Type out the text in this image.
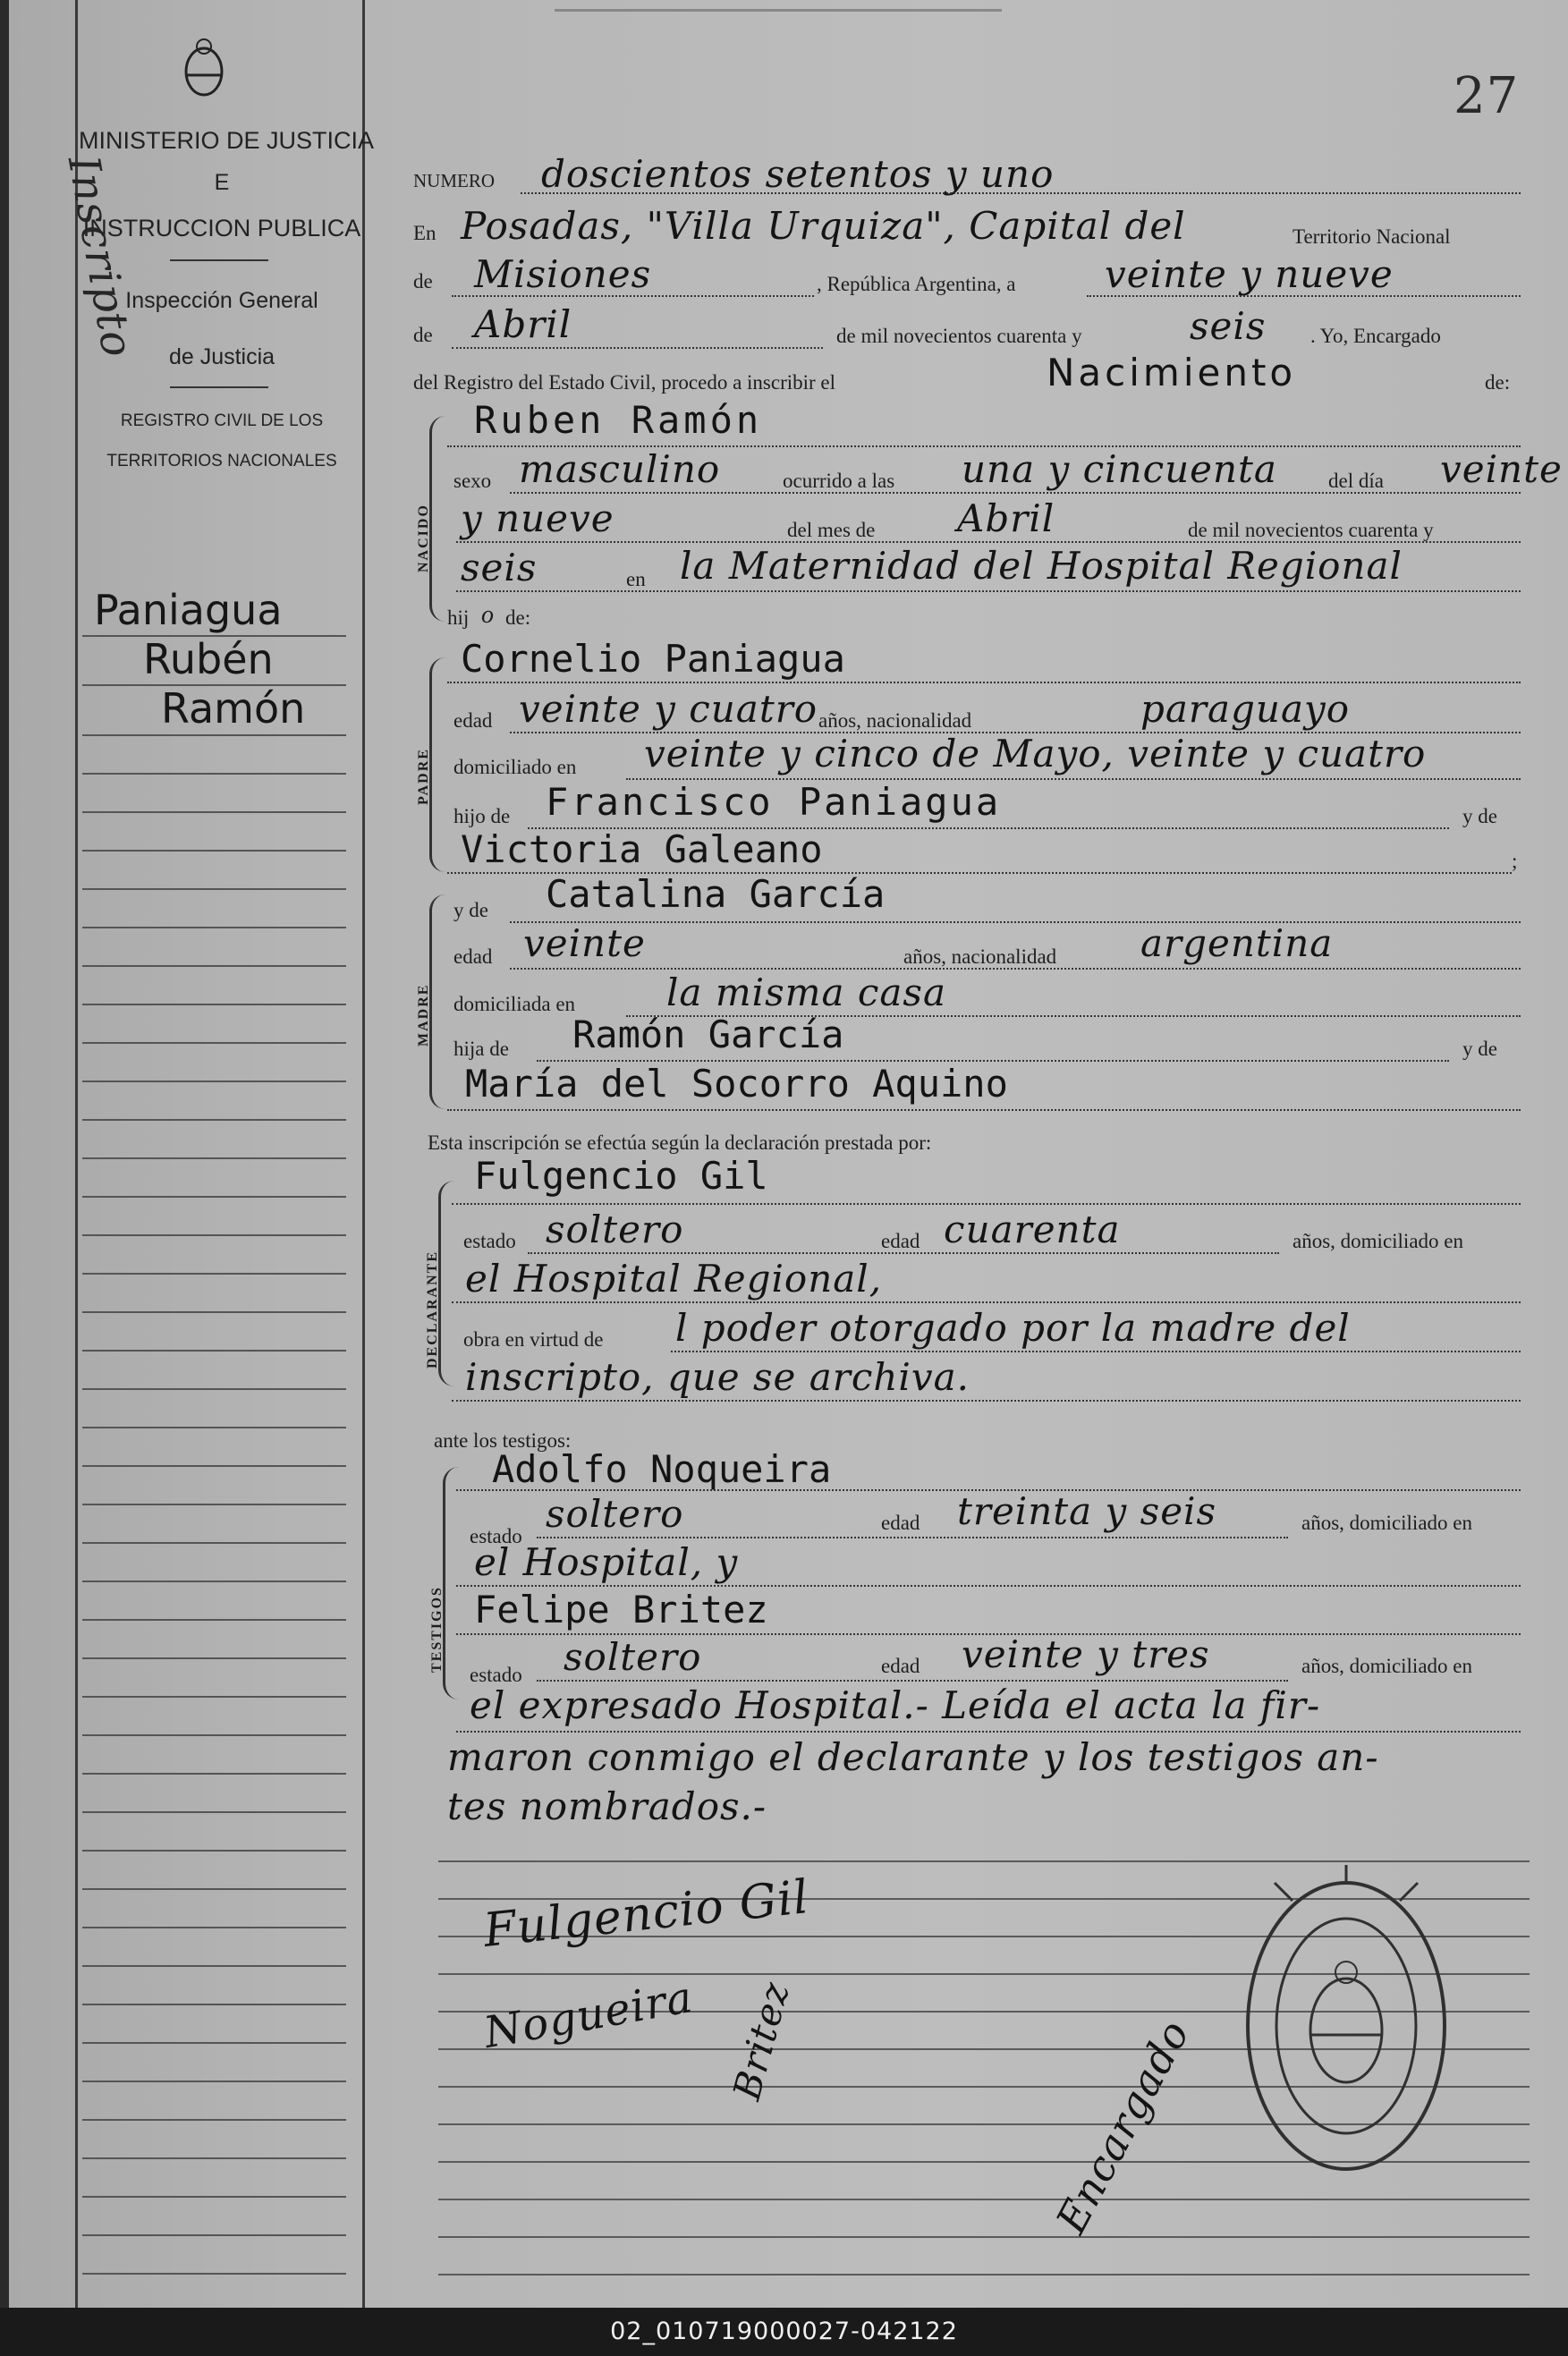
27
MINISTERIO DE JUSTICIA
E
INSTRUCCION PUBLICA
Inspección General
de Justicia
REGISTRO CIVIL DE LOS
TERRITORIOS NACIONALES
Inscripto
Paniagua
Rubén
Ramón
NUMERO doscientos setentos y uno
En Posadas, "Villa Urquiza", Capital del	Territorio Nacional
de Misiones	, República Argentina, a veinte y nueve
de Abril	de mil novecientos cuarenta y	seis . Yo, Encargado
del Registro del Estado Civil, procedo a inscribir el	Nacimiento	de:
Ruben Ramón
NACIDO
sexo masculino	ocurrido a las una y cincuenta del día veinte
y nueve	del mes de Abril	de mil novecientos cuarenta y
seis	en la Maternidad del Hospital Regional
hij o de:
Cornelio Paniagua
PADRE
edad veinte y cuatro años, nacionalidad	paraguayo
domiciliado en veinte y cinco de Mayo, veinte y cuatro
hijo de Francisco Paniagua	y de
Victoria Galeano	;
y de Catalina García
MADRE
edad veinte	años, nacionalidad argentina
domiciliada en la misma casa
hija de Ramón García	y de
María del Socorro Aquino
Esta inscripción se efectúa según la declaración prestada por:
Fulgencio Gil
DECLARANTE
estado soltero	edad cuarenta	años, domiciliado en
el Hospital Regional,
obra en virtud de l poder otorgado por la madre del
inscripto, que se archiva.
ante los testigos:
Adolfo Noqueira
TESTIGOS
estado
soltero	edad treinta y seis	años, domiciliado en
el Hospital, y
Felipe Britez
estado soltero	edad veinte y tres	años, domiciliado en
el expresado Hospital.- Leída el acta la fir-
maron conmigo el declarante y los testigos an-
tes nombrados.-
Fulgencio Gil
Nogueira Britez	Encargado
02_010719000027-042122
